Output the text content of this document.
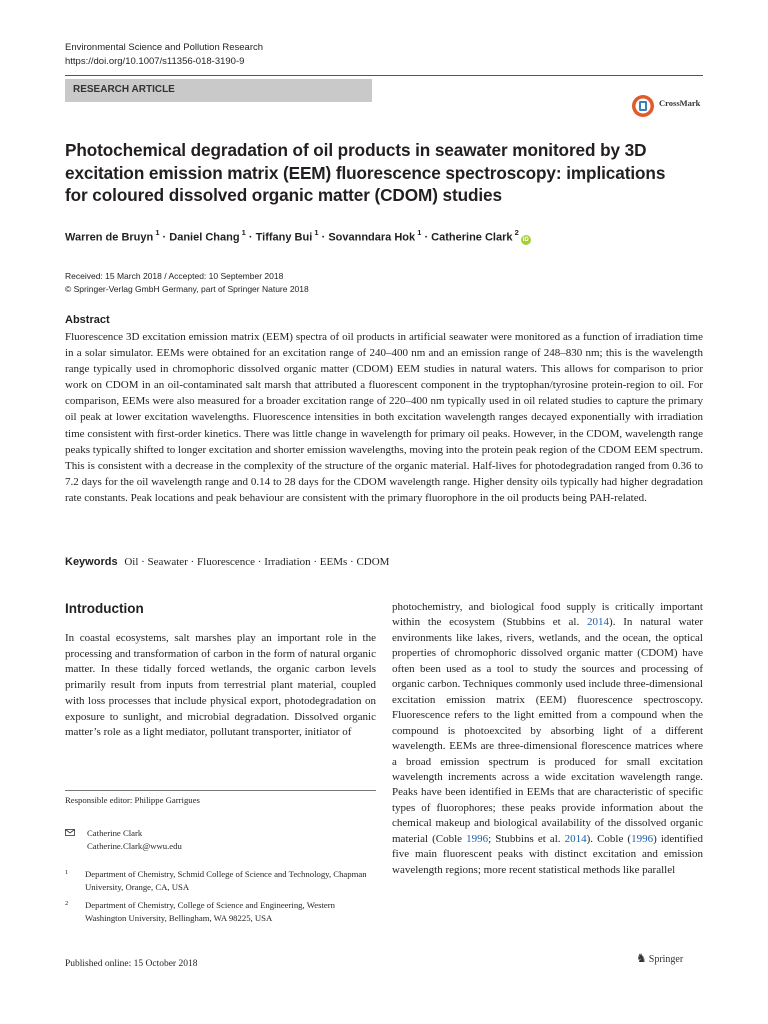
Environmental Science and Pollution Research
https://doi.org/10.1007/s11356-018-3190-9
RESEARCH ARTICLE
CrossMark
Photochemical degradation of oil products in seawater monitored by 3D excitation emission matrix (EEM) fluorescence spectroscopy: implications for coloured dissolved organic matter (CDOM) studies
Warren de Bruyn $^1$ · Daniel Chang $^1$ · Tiffany Bui $^1$ · Sovanndara Hok $^1$ · Catherine Clark $^2$iD
Received: 15 March 2018 / Accepted: 10 September 2018
© Springer-Verlag GmbH Germany, part of Springer Nature 2018
Abstract

Fluorescence 3D excitation emission matrix (EEM) spectra of oil products in artificial seawater were monitored as a function of irradiation time in a solar simulator. EEMs were obtained for an excitation range of 240–400 nm and an emission range of 248–830 nm; this is the wavelength range typically used in chromophoric dissolved organic matter (CDOM) EEM studies in natural waters. This allows for comparison to prior work on CDOM in an oil-contaminated salt marsh that attributed a fluorescent component in the tryptophan/tyrosine protein-region to oil. For comparison, EEMs were also measured for a broader excitation range of 220–400 nm typically used in oil related studies to capture the primary oil peak at lower excitation wavelengths. Fluorescence intensities in both excitation wavelength ranges decayed exponentially with irradiation time consistent with first-order kinetics. There was little change in wavelength for primary oil peaks. However, in the CDOM, wavelength range peaks typically shifted to longer excitation and shorter emission wavelengths, moving into the protein peak region of the CDOM EEM spectrum. This is consistent with a decrease in the complexity of the structure of the organic material. Half-lives for photodegradation ranged from 0.36 to 7.2 days for the oil wavelength range and 0.14 to 28 days for the CDOM wavelength range. Higher density oils typically had higher degradation rate constants. Peak locations and peak behaviour are consistent with the primary fluorophore in the oil products being PAH-related.

Keywords Oil · Seawater · Fluorescence · Irradiation · EEMs · CDOM
Introduction

In coastal ecosystems, salt marshes play an important role in the processing and transformation of carbon in the form of natural organic matter. In these tidally forced wetlands, the organic carbon levels primarily result from inputs from terrestrial plant material, coupled with loss processes that include physical export, photodegradation on exposure to sunlight, and microbial degradation. Dissolved organic matter’s role as a light mediator, pollutant transporter, initiator of

Responsible editor: Philippe Garrigues
Catherine Clark
Catherine.Clark@wwu.edu
1 Department of Chemistry, Schmid College of Science and Technology, Chapman University, Orange, CA, USA
2 Department of Chemistry, College of Science and Engineering, Western Washington University, Bellingham, WA 98225, USA
Published online: 15 October 2018

photochemistry, and biological food supply is critically important within the ecosystem (Stubbins et al. 2014). In natural water environments like lakes, rivers, wetlands, and the ocean, the optical properties of chromophoric dissolved organic matter (CDOM) have often been used as a tool to study the sources and processing of organic carbon. Techniques commonly used include three-dimensional excitation emission matrix (EEM) fluorescence spectroscopy. Fluorescence refers to the light emitted from a compound when the compound is photoexcited by absorbing light of a different wavelength. EEMs are three-dimensional florescence matrices where a broad emission spectrum is produced for small excitation wavelength increments across a wide excitation wavelength range. Peaks have been identified in EEMs that are characteristic of specific types of fluorophores; these peaks provide information about the chemical makeup and biological availability of the dissolved organic material (Coble 1996; Stubbins et al. 2014). Coble (1996) identified five main fluorescent peaks with distinct excitation and emission wavelength regions; more recent statistical methods like parallel

♞ Springer
